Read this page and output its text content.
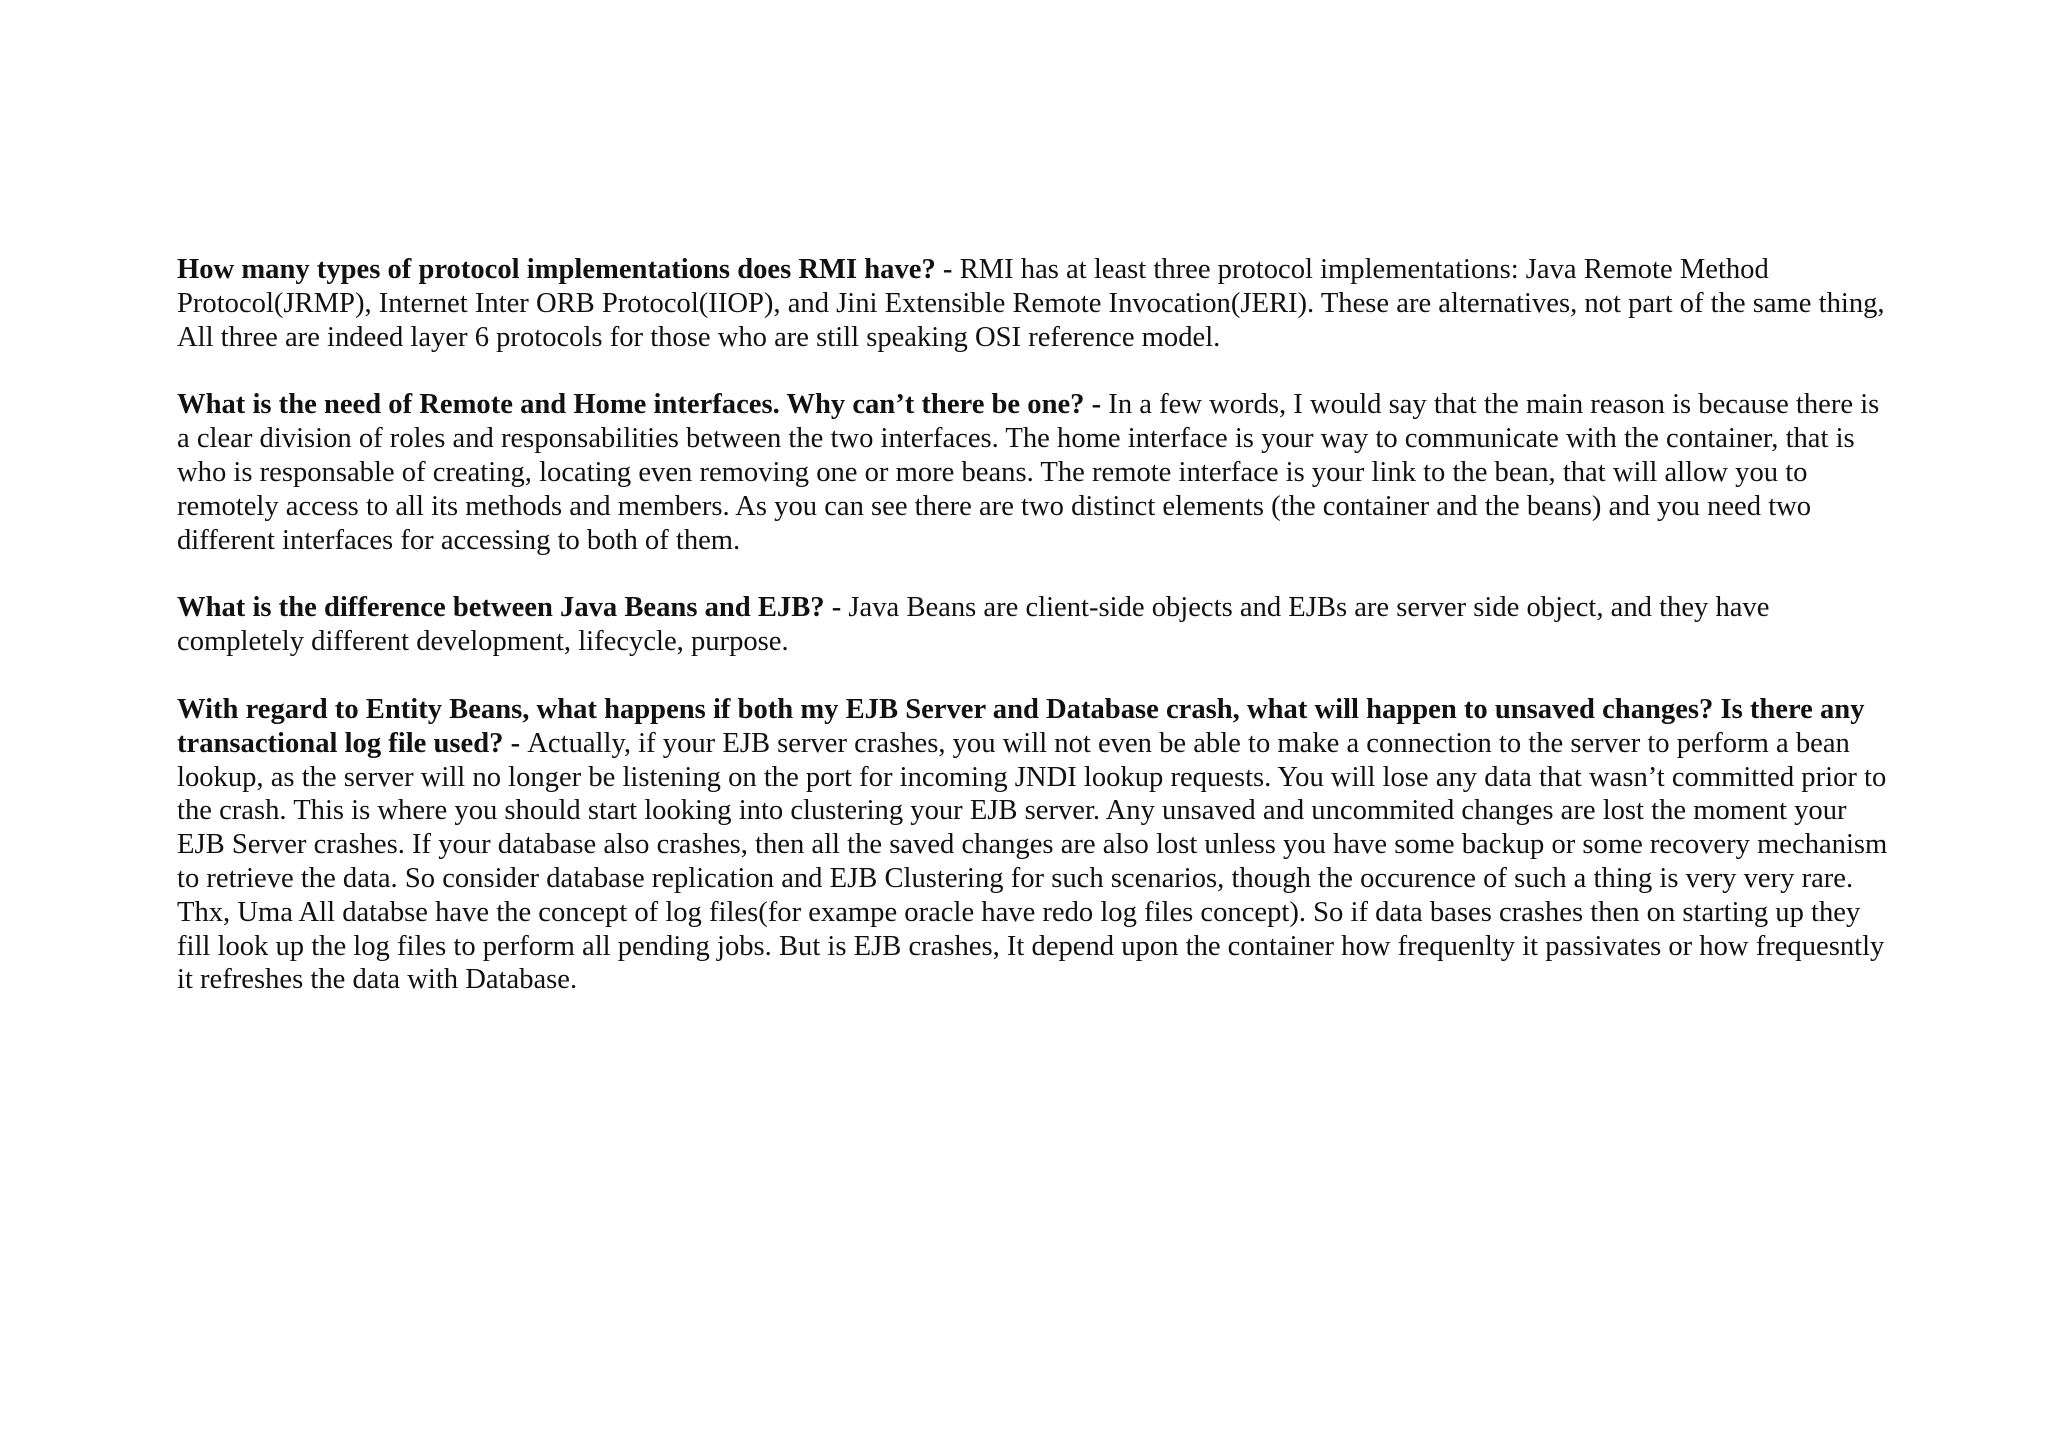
How many types of protocol implementations does RMI have? - RMI has at least three protocol implementations: Java Remote Method Protocol(JRMP), Internet Inter ORB Protocol(IIOP), and Jini Extensible Remote Invocation(JERI). These are alternatives, not part of the same thing, All three are indeed layer 6 protocols for those who are still speaking OSI reference model.

What is the need of Remote and Home interfaces. Why can’t there be one? - In a few words, I would say that the main reason is because there is a clear division of roles and responsabilities between the two interfaces. The home interface is your way to communicate with the container, that is who is responsable of creating, locating even removing one or more beans. The remote interface is your link to the bean, that will allow you to remotely access to all its methods and members. As you can see there are two distinct elements (the container and the beans) and you need two different interfaces for accessing to both of them.

What is the difference between Java Beans and EJB? - Java Beans are client-side objects and EJBs are server side object, and they have completely different development, lifecycle, purpose.

With regard to Entity Beans, what happens if both my EJB Server and Database crash, what will happen to unsaved changes? Is there any transactional log file used? - Actually, if your EJB server crashes, you will not even be able to make a connection to the server to perform a bean lookup, as the server will no longer be listening on the port for incoming JNDI lookup requests. You will lose any data that wasn’t committed prior to the crash. This is where you should start looking into clustering your EJB server. Any unsaved and uncommited changes are lost the moment your EJB Server crashes. If your database also crashes, then all the saved changes are also lost unless you have some backup or some recovery mechanism to retrieve the data. So consider database replication and EJB Clustering for such scenarios, though the occurence of such a thing is very very rare. Thx, Uma All databse have the concept of log files(for exampe oracle have redo log files concept). So if data bases crashes then on starting up they fill look up the log files to perform all pending jobs. But is EJB crashes, It depend upon the container how frequenlty it passivates or how frequesntly it refreshes the data with Database.
